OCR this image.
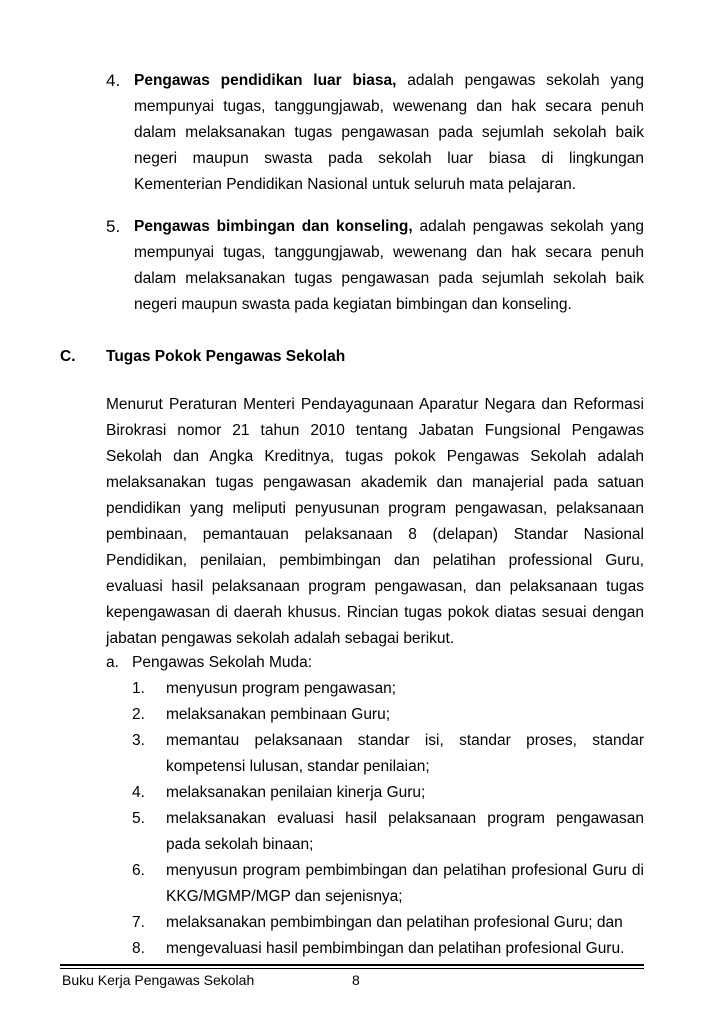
4. Pengawas pendidikan luar biasa, adalah pengawas sekolah yang mempunyai tugas, tanggungjawab, wewenang dan hak secara penuh dalam melaksanakan tugas pengawasan pada sejumlah sekolah baik negeri maupun swasta pada sekolah luar biasa di lingkungan Kementerian Pendidikan Nasional untuk seluruh mata pelajaran.
5. Pengawas bimbingan dan konseling, adalah pengawas sekolah yang mempunyai tugas, tanggungjawab, wewenang dan hak secara penuh dalam melaksanakan tugas pengawasan pada sejumlah sekolah baik negeri maupun swasta pada kegiatan bimbingan dan konseling.
C. Tugas Pokok Pengawas Sekolah
Menurut Peraturan Menteri Pendayagunaan Aparatur Negara dan Reformasi Birokrasi nomor 21 tahun 2010 tentang Jabatan Fungsional Pengawas Sekolah dan Angka Kreditnya, tugas pokok Pengawas Sekolah adalah melaksanakan tugas pengawasan akademik dan manajerial pada satuan pendidikan yang meliputi penyusunan program pengawasan, pelaksanaan pembinaan, pemantauan pelaksanaan 8 (delapan) Standar Nasional Pendidikan, penilaian, pembimbingan dan pelatihan professional Guru, evaluasi hasil pelaksanaan program pengawasan, dan pelaksanaan tugas kepengawasan di daerah khusus. Rincian tugas pokok diatas sesuai dengan jabatan pengawas sekolah adalah sebagai berikut.
a. Pengawas Sekolah Muda:
1. menyusun program pengawasan;
2. melaksanakan pembinaan Guru;
3. memantau pelaksanaan standar isi, standar proses, standar kompetensi lulusan, standar penilaian;
4. melaksanakan penilaian kinerja Guru;
5. melaksanakan evaluasi hasil pelaksanaan program pengawasan pada sekolah binaan;
6. menyusun program pembimbingan dan pelatihan profesional Guru di KKG/MGMP/MGP dan sejenisnya;
7. melaksanakan pembimbingan dan pelatihan profesional Guru; dan
8. mengevaluasi hasil pembimbingan dan pelatihan profesional Guru.
Buku Kerja Pengawas Sekolah	8
